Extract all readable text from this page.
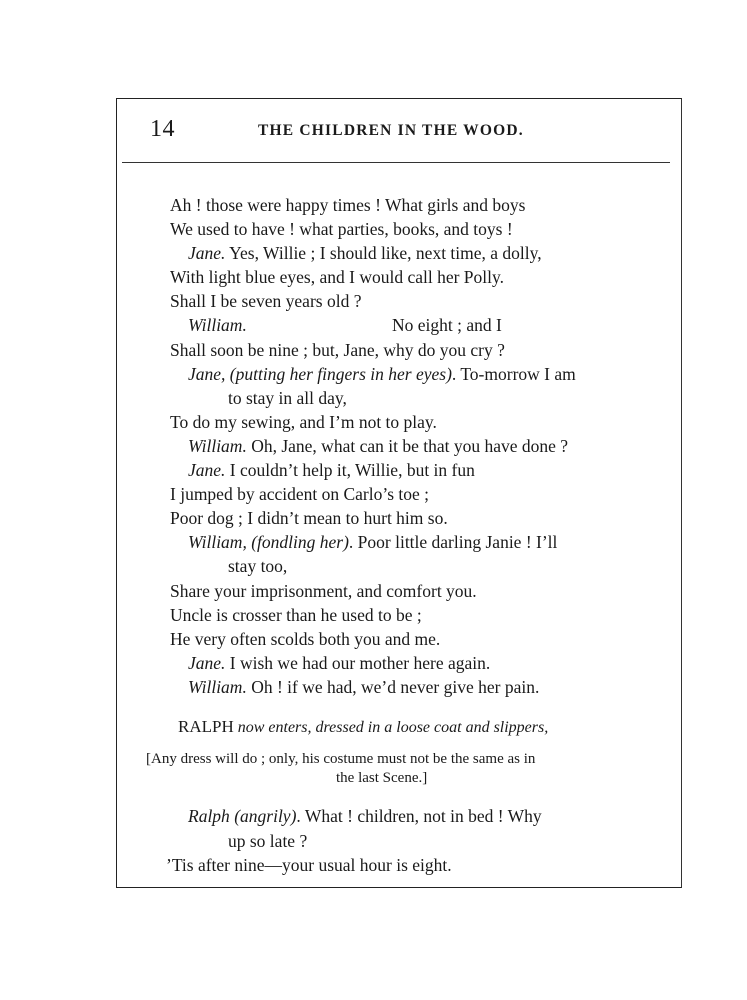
14	THE CHILDREN IN THE WOOD.
Ah ! those were happy times ! What girls and boys
We used to have ! what parties, books, and toys !
Jane. Yes, Willie ; I should like, next time, a dolly,
With light blue eyes, and I would call her Polly.
Shall I be seven years old ?
William.	No eight ; and I
Shall soon be nine ; but, Jane, why do you cry ?
Jane, (putting her fingers in her eyes). To-morrow I am
to stay in all day,
To do my sewing, and I’m not to play.
William. Oh, Jane, what can it be that you have done ?
Jane. I couldn’t help it, Willie, but in fun
I jumped by accident on Carlo’s toe ;
Poor dog ; I didn’t mean to hurt him so.
William, (fondling her). Poor little darling Janie ! I’ll
stay too,
Share your imprisonment, and comfort you.
Uncle is crosser than he used to be ;
He very often scolds both you and me.
Jane. I wish we had our mother here again.
William. Oh ! if we had, we’d never give her pain.
RALPH now enters, dressed in a loose coat and slippers,
[Any dress will do ; only, his costume must not be the same as in
the last Scene.]
Ralph (angrily). What ! children, not in bed ! Why
up so late ?
’Tis after nine—your usual hour is eight.
